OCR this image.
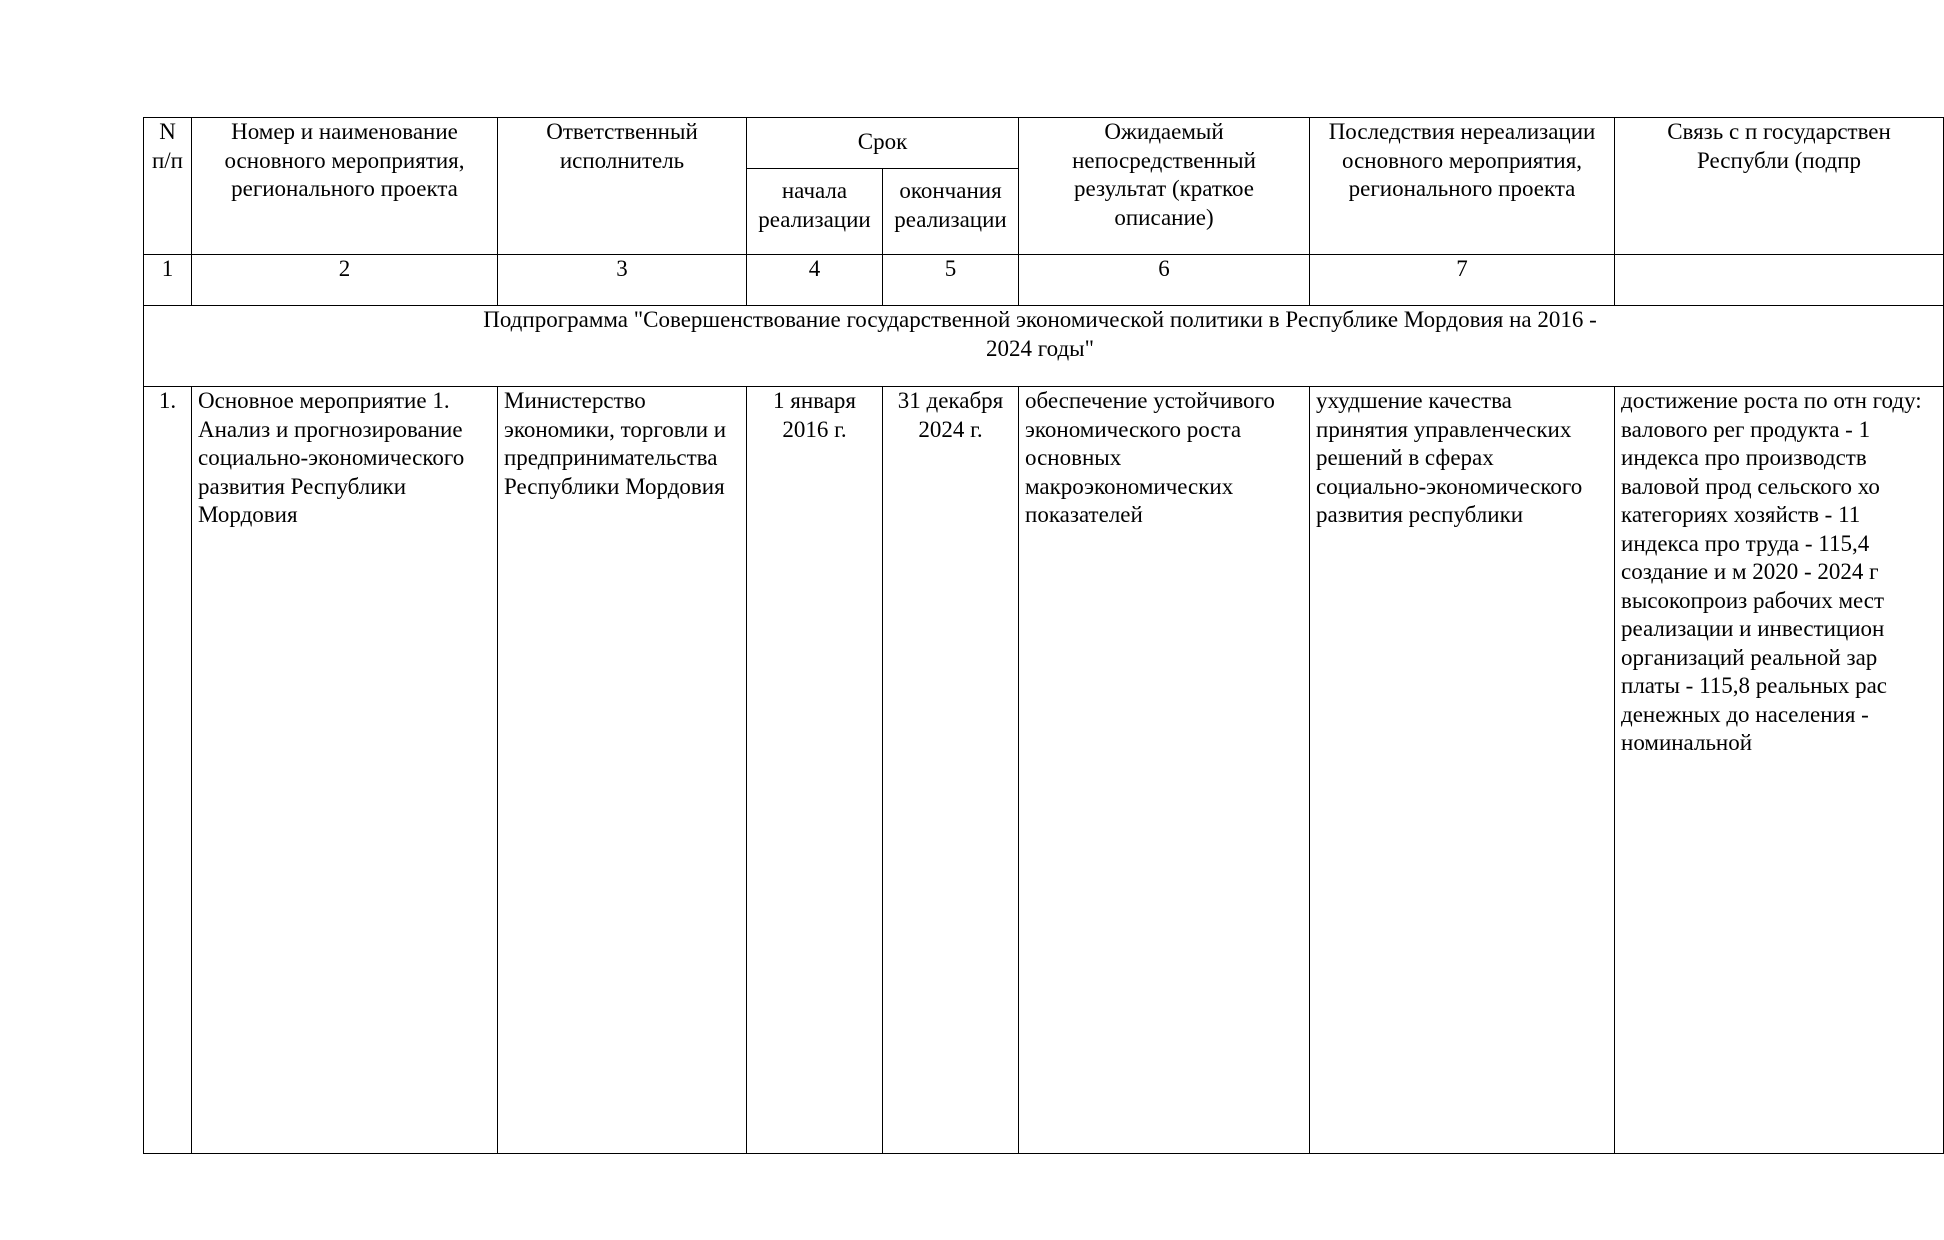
N п/п	Номер и наименование основного мероприятия, регионального проекта	Ответственный исполнитель	Срок		Ожидаемый непосредственный результат (краткое описание)	Последствия нереализации основного мероприятия, регионального проекта	Связь с п государствен Республи (подпр
			начала реализации	окончания реализации			
1	2	3	4	5	6	7	

Подпрограмма "Совершенствование государственной экономической политики в Республике Мордовия на 2016 - 2024 годы"							

1.	Основное мероприятие 1. Анализ и прогнозирование социально-экономического развития Республики Мордовия	Министерство экономики, торговли и предпринимательства Республики Мордовия	1 января 2016 г.	31 декабря 2024 г.	обеспечение устойчивого экономического роста основных макроэкономических показателей	ухудшение качества принятия управленческих решений в сферах социально-экономического развития республики	достижение роста по отн году: валового рег продукта - 1 индекса про производств валовой прод сельского хо категориях хозяйств - 11 индекса про труда - 115,4 создание и м 2020 - 2024 г высокопроиз рабочих мест реализации и инвестицион организаций реальной зар платы - 115,8 реальных рас денежных до населения - номинальной
